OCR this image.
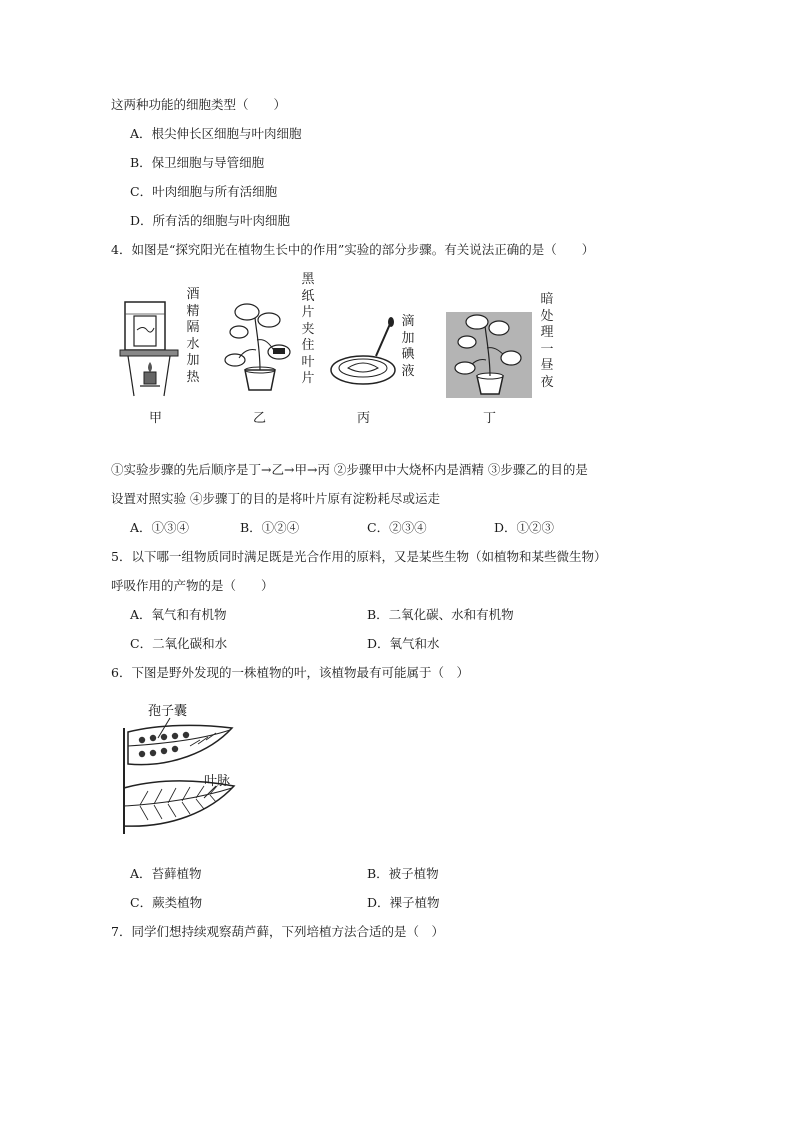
这两种功能的细胞类型（　　）
A．根尖伸长区细胞与叶肉细胞
B．保卫细胞与导管细胞
C．叶肉细胞与所有活细胞
D．所有活的细胞与叶肉细胞
4．如图是“探究阳光在植物生长中的作用”实验的部分步骤。有关说法正确的是（　　）
酒精隔水加热
甲
黑纸片夹住叶片
乙
滴加碘液
丙
暗处理一昼夜
丁
①实验步骤的先后顺序是丁→乙→甲→丙 ②步骤甲中大烧杯内是酒精 ③步骤乙的目的是
设置对照实验 ④步骤丁的目的是将叶片原有淀粉耗尽或运走
A．①③④	B．①②④	C．②③④	D．①②③
5．以下哪一组物质同时满足既是光合作用的原料，又是某些生物（如植物和某些微生物）
呼吸作用的产物的是（　　）
A．氧气和有机物	B．二氧化碳、水和有机物
C．二氧化碳和水	D．氧气和水
6．下图是野外发现的一株植物的叶，该植物最有可能属于（　）
孢子囊
叶脉
A．苔藓植物	B．被子植物
C．蕨类植物	D．裸子植物
7．同学们想持续观察葫芦藓，下列培植方法合适的是（　）
